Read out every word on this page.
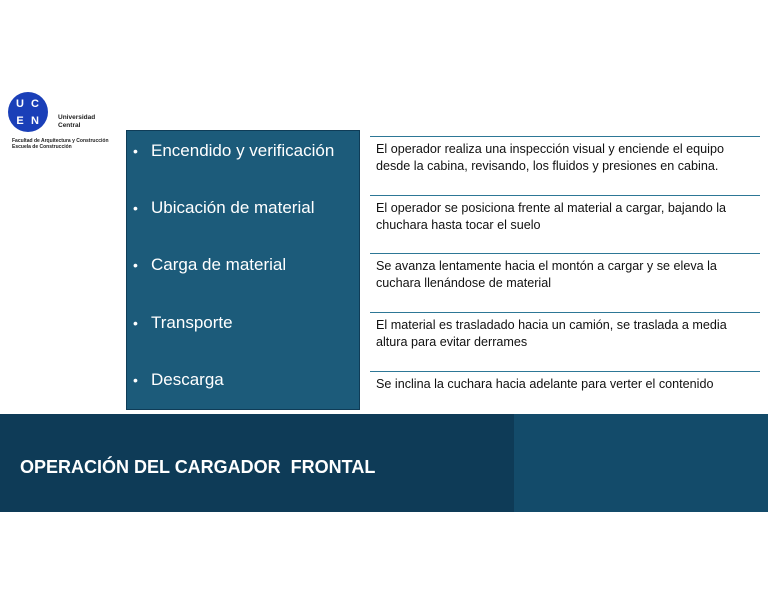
U C
E N	Universidad
Central
Facultad de Arquitectura y Construcción
Escuela de Construcción	• Encendido y verificación
• Ubicación de material
• Carga de material
• Transporte
• Descarga
El operador realiza una inspección visual y enciende el equipo desde la cabina, revisando, los fluidos y presiones en cabina.
El operador se posiciona frente al material a cargar, bajando la chuchara hasta tocar el suelo
Se avanza lentamente hacia el montón a cargar y se eleva la cuchara llenándose de material
El material es trasladado hacia un camión, se traslada a media altura para evitar derrames
Se inclina la cuchara hacia adelante para verter el contenido
OPERACIÓN DEL CARGADOR  FRONTAL
